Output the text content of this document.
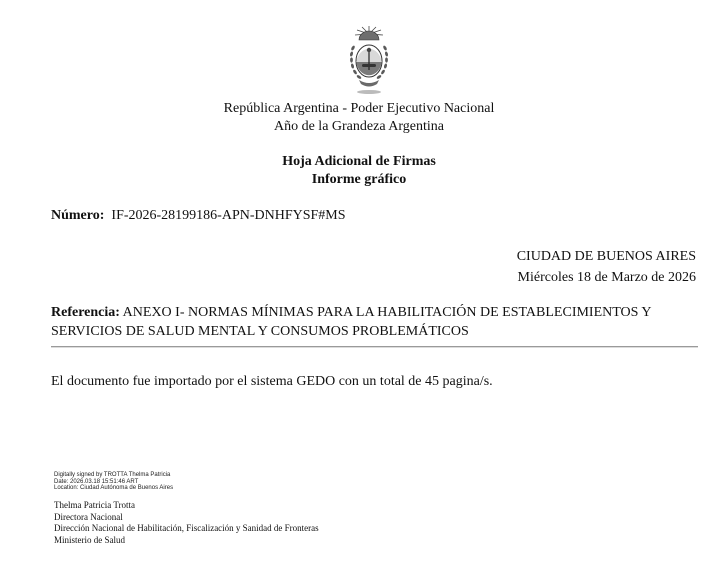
República Argentina - Poder Ejecutivo Nacional
Año de la Grandeza Argentina
Hoja Adicional de Firmas
Informe gráfico
Número: IF-2026-28199186-APN-DNHFYSF#MS
CIUDAD DE BUENOS AIRES
Miércoles 18 de Marzo de 2026
Referencia: ANEXO I- NORMAS MÍNIMAS PARA LA HABILITACIÓN DE ESTABLECIMIENTOS Y SERVICIOS DE SALUD MENTAL Y CONSUMOS PROBLEMÁTICOS
El documento fue importado por el sistema GEDO con un total de 45 pagina/s.
Digitally signed by TROTTA Thelma Patricia
Date: 2026.03.18 15:51:46 ART
Location: Ciudad Autónoma de Buenos Aires
Thelma Patricia Trotta
Directora Nacional
Dirección Nacional de Habilitación, Fiscalización y Sanidad de Fronteras
Ministerio de Salud
